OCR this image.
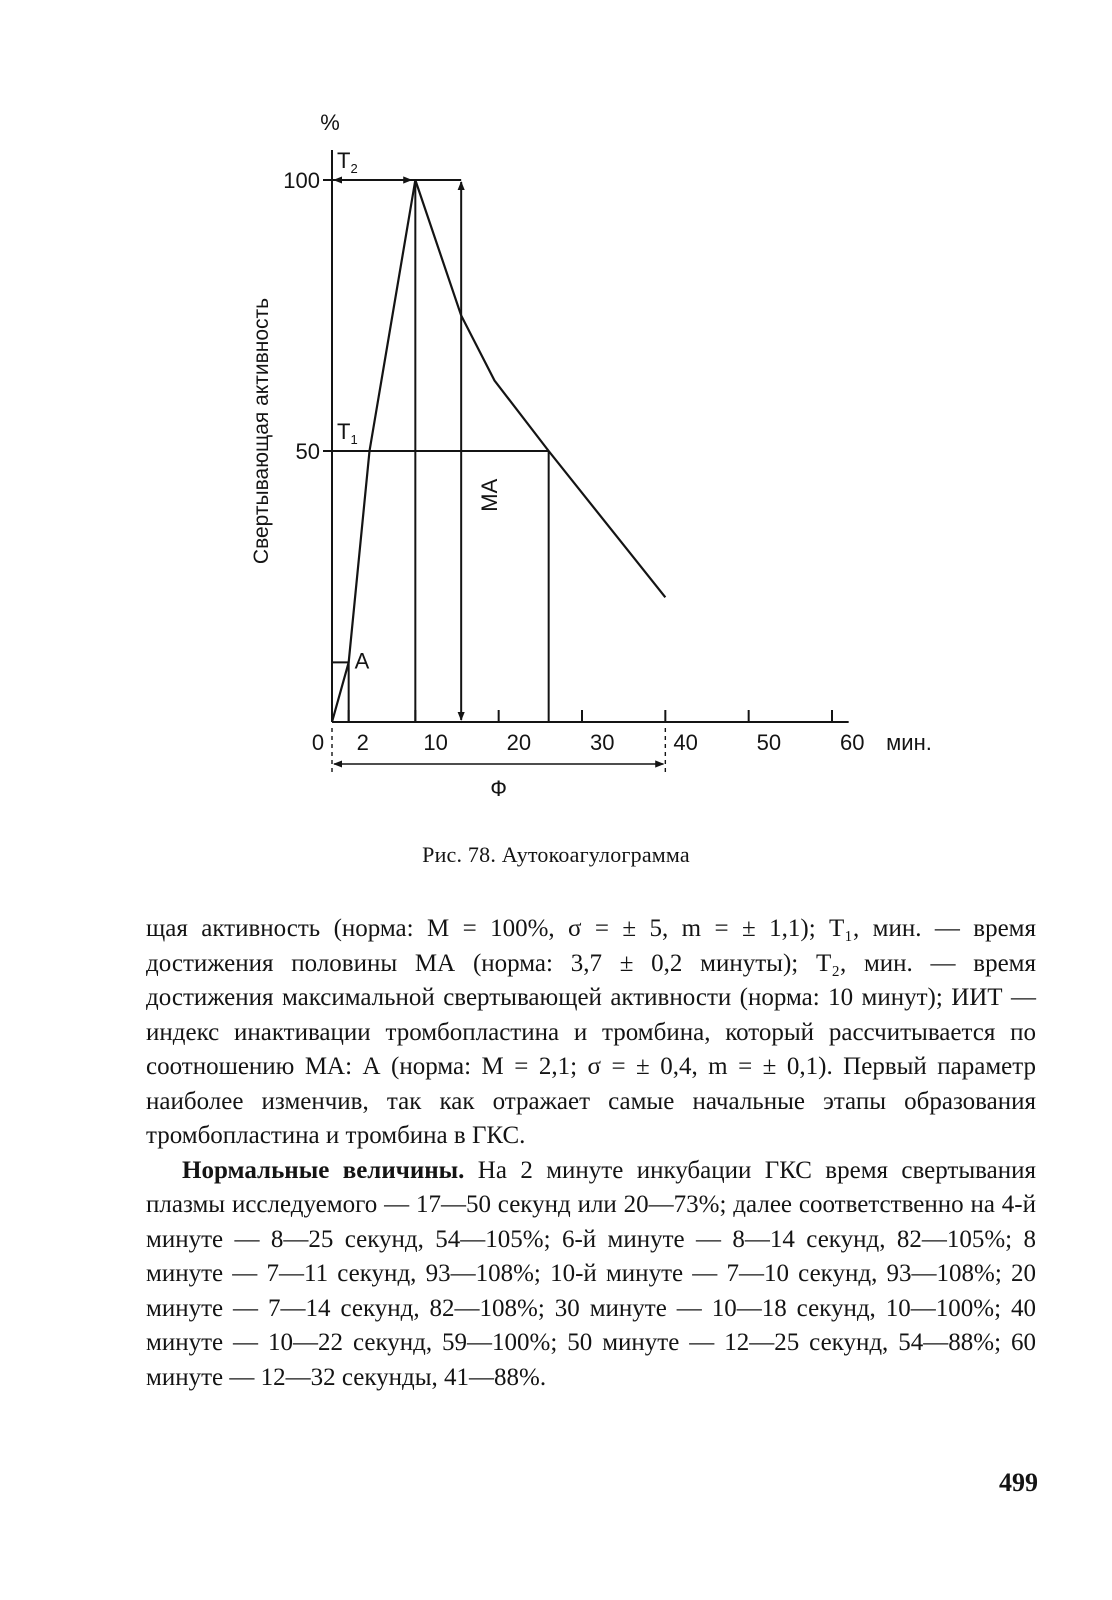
50
100
%
Свертывающая активность
0 2 10	20	30	40	50	60 мин.
$T_2$
$T_1$
A
МА
Ф
Рис. 78. Аутокоагулограмма

щая активность (норма: M = 100%, σ = ± 5, m = ± 1,1); T₁, мин. — время достижения половины МА (норма: 3,7 ± 0,2 минуты); T₂, мин. — время достижения максимальной свертывающей активности (норма: 10 минут); ИИТ — индекс инактивации тромбопластина и тромбина, который рассчитывается по соотношению МА: А (норма: M = 2,1; σ = ± 0,4, m = ± 0,1). Первый параметр наиболее изменчив, так как отражает самые начальные этапы образования тромбопластина и тромбина в ГКС.

Нормальные величины. На 2 минуте инкубации ГКС время свертывания плазмы исследуемого — 17—50 секунд или 20—73%; далее соответственно на 4-й минуте — 8—25 секунд, 54—105%; 6-й минуте — 8—14 секунд, 82—105%; 8 минуте — 7—11 секунд, 93—108%; 10-й минуте — 7—10 секунд, 93—108%; 20 минуте — 7—14 секунд, 82—108%; 30 минуте — 10—18 секунд, 10—100%; 40 минуте — 10—22 секунд, 59—100%; 50 минуте — 12—25 секунд, 54—88%; 60 минуте — 12—32 секунды, 41—88%.

499
